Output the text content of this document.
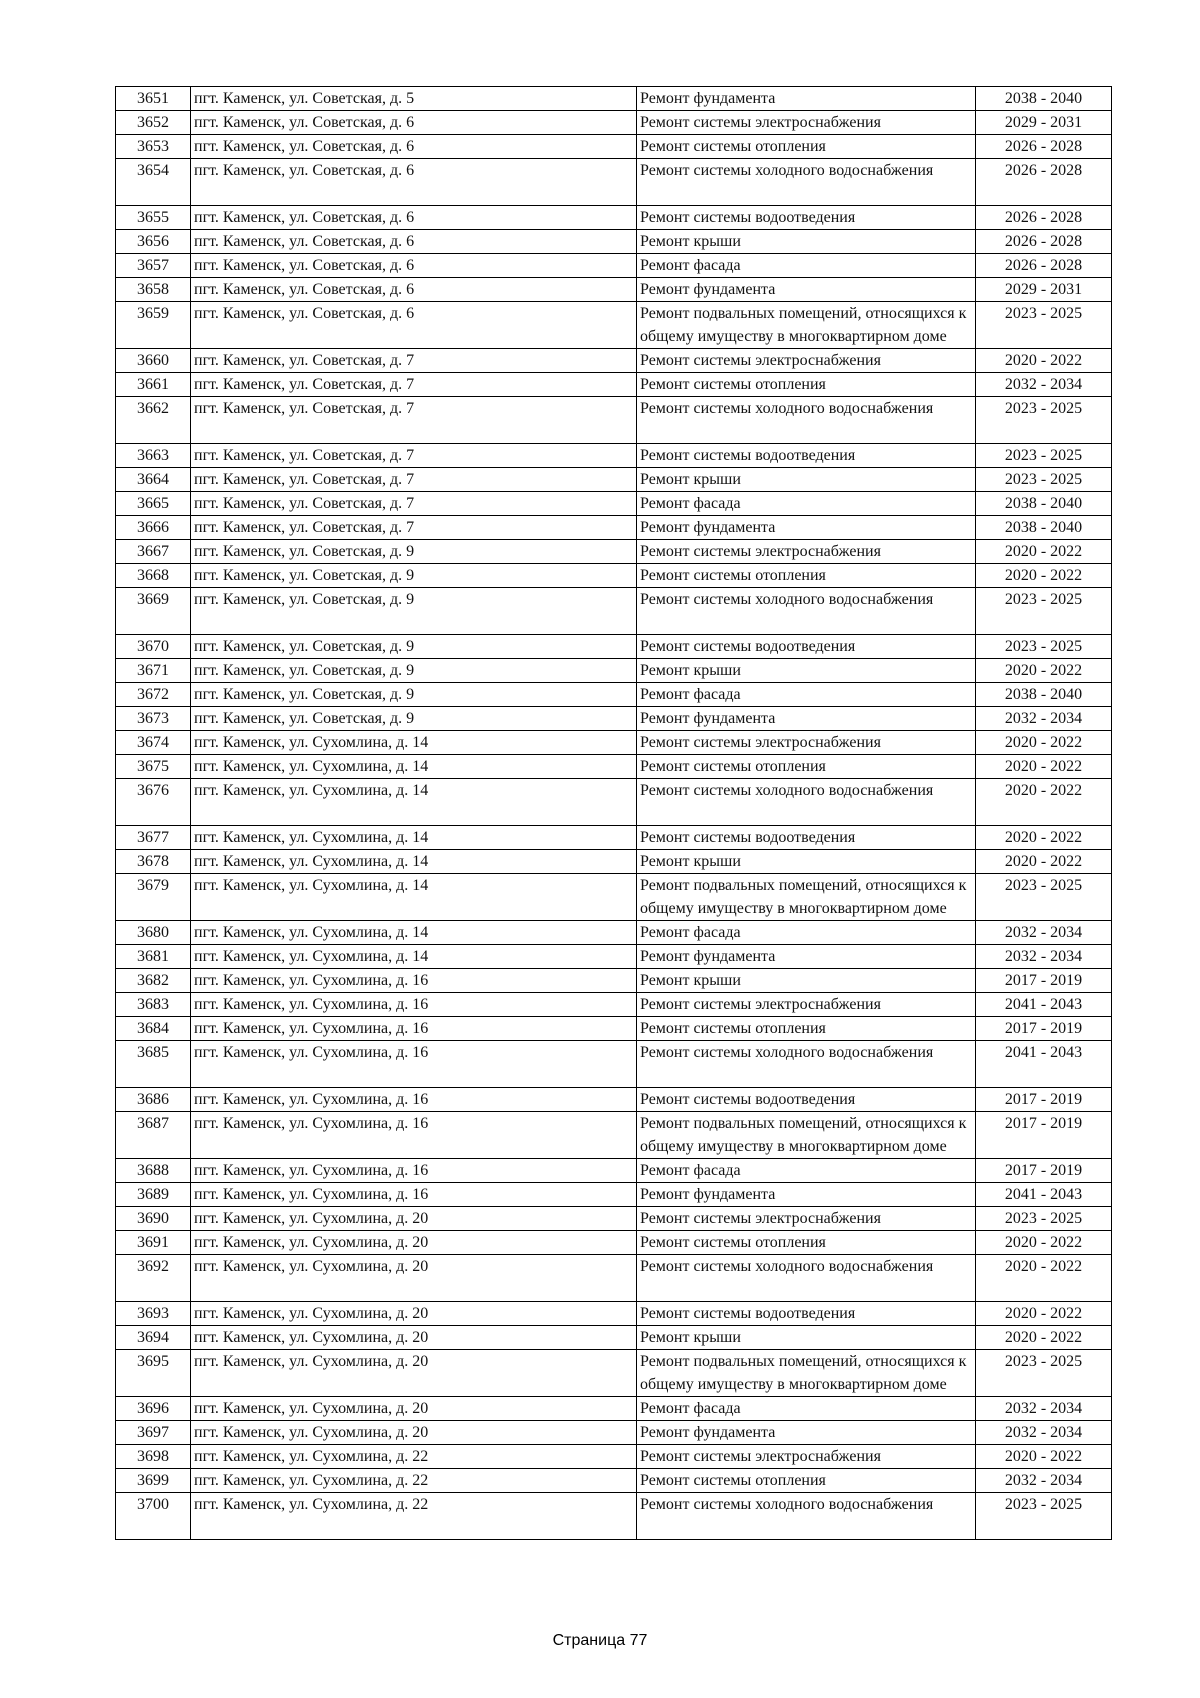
3651	пгт. Каменск, ул. Советская, д. 5	Ремонт фундамента	2038 - 2040
3652	пгт. Каменск, ул. Советская, д. 6	Ремонт системы электроснабжения	2029 - 2031
3653	пгт. Каменск, ул. Советская, д. 6	Ремонт системы отопления	2026 - 2028
3654	пгт. Каменск, ул. Советская, д. 6	Ремонт системы холодного водоснабжения	2026 - 2028
3655	пгт. Каменск, ул. Советская, д. 6	Ремонт системы водоотведения	2026 - 2028
3656	пгт. Каменск, ул. Советская, д. 6	Ремонт крыши	2026 - 2028
3657	пгт. Каменск, ул. Советская, д. 6	Ремонт фасада	2026 - 2028
3658	пгт. Каменск, ул. Советская, д. 6	Ремонт фундамента	2029 - 2031
3659	пгт. Каменск, ул. Советская, д. 6	Ремонт подвальных помещений, относящихся к общему имуществу в многоквартирном доме	2023 - 2025
3660	пгт. Каменск, ул. Советская, д. 7	Ремонт системы электроснабжения	2020 - 2022
3661	пгт. Каменск, ул. Советская, д. 7	Ремонт системы отопления	2032 - 2034
3662	пгт. Каменск, ул. Советская, д. 7	Ремонт системы холодного водоснабжения	2023 - 2025
3663	пгт. Каменск, ул. Советская, д. 7	Ремонт системы водоотведения	2023 - 2025
3664	пгт. Каменск, ул. Советская, д. 7	Ремонт крыши	2023 - 2025
3665	пгт. Каменск, ул. Советская, д. 7	Ремонт фасада	2038 - 2040
3666	пгт. Каменск, ул. Советская, д. 7	Ремонт фундамента	2038 - 2040
3667	пгт. Каменск, ул. Советская, д. 9	Ремонт системы электроснабжения	2020 - 2022
3668	пгт. Каменск, ул. Советская, д. 9	Ремонт системы отопления	2020 - 2022
3669	пгт. Каменск, ул. Советская, д. 9	Ремонт системы холодного водоснабжения	2023 - 2025
3670	пгт. Каменск, ул. Советская, д. 9	Ремонт системы водоотведения	2023 - 2025
3671	пгт. Каменск, ул. Советская, д. 9	Ремонт крыши	2020 - 2022
3672	пгт. Каменск, ул. Советская, д. 9	Ремонт фасада	2038 - 2040
3673	пгт. Каменск, ул. Советская, д. 9	Ремонт фундамента	2032 - 2034
3674	пгт. Каменск, ул. Сухомлина, д. 14	Ремонт системы электроснабжения	2020 - 2022
3675	пгт. Каменск, ул. Сухомлина, д. 14	Ремонт системы отопления	2020 - 2022
3676	пгт. Каменск, ул. Сухомлина, д. 14	Ремонт системы холодного водоснабжения	2020 - 2022
3677	пгт. Каменск, ул. Сухомлина, д. 14	Ремонт системы водоотведения	2020 - 2022
3678	пгт. Каменск, ул. Сухомлина, д. 14	Ремонт крыши	2020 - 2022
3679	пгт. Каменск, ул. Сухомлина, д. 14	Ремонт подвальных помещений, относящихся к общему имуществу в многоквартирном доме	2023 - 2025
3680	пгт. Каменск, ул. Сухомлина, д. 14	Ремонт фасада	2032 - 2034
3681	пгт. Каменск, ул. Сухомлина, д. 14	Ремонт фундамента	2032 - 2034
3682	пгт. Каменск, ул. Сухомлина, д. 16	Ремонт крыши	2017 - 2019
3683	пгт. Каменск, ул. Сухомлина, д. 16	Ремонт системы электроснабжения	2041 - 2043
3684	пгт. Каменск, ул. Сухомлина, д. 16	Ремонт системы отопления	2017 - 2019
3685	пгт. Каменск, ул. Сухомлина, д. 16	Ремонт системы холодного водоснабжения	2041 - 2043
3686	пгт. Каменск, ул. Сухомлина, д. 16	Ремонт системы водоотведения	2017 - 2019
3687	пгт. Каменск, ул. Сухомлина, д. 16	Ремонт подвальных помещений, относящихся к общему имуществу в многоквартирном доме	2017 - 2019
3688	пгт. Каменск, ул. Сухомлина, д. 16	Ремонт фасада	2017 - 2019
3689	пгт. Каменск, ул. Сухомлина, д. 16	Ремонт фундамента	2041 - 2043
3690	пгт. Каменск, ул. Сухомлина, д. 20	Ремонт системы электроснабжения	2023 - 2025
3691	пгт. Каменск, ул. Сухомлина, д. 20	Ремонт системы отопления	2020 - 2022
3692	пгт. Каменск, ул. Сухомлина, д. 20	Ремонт системы холодного водоснабжения	2020 - 2022
3693	пгт. Каменск, ул. Сухомлина, д. 20	Ремонт системы водоотведения	2020 - 2022
3694	пгт. Каменск, ул. Сухомлина, д. 20	Ремонт крыши	2020 - 2022
3695	пгт. Каменск, ул. Сухомлина, д. 20	Ремонт подвальных помещений, относящихся к общему имуществу в многоквартирном доме	2023 - 2025
3696	пгт. Каменск, ул. Сухомлина, д. 20	Ремонт фасада	2032 - 2034
3697	пгт. Каменск, ул. Сухомлина, д. 20	Ремонт фундамента	2032 - 2034
3698	пгт. Каменск, ул. Сухомлина, д. 22	Ремонт системы электроснабжения	2020 - 2022
3699	пгт. Каменск, ул. Сухомлина, д. 22	Ремонт системы отопления	2032 - 2034
3700	пгт. Каменск, ул. Сухомлина, д. 22	Ремонт системы холодного водоснабжения	2023 - 2025
Страница 77
